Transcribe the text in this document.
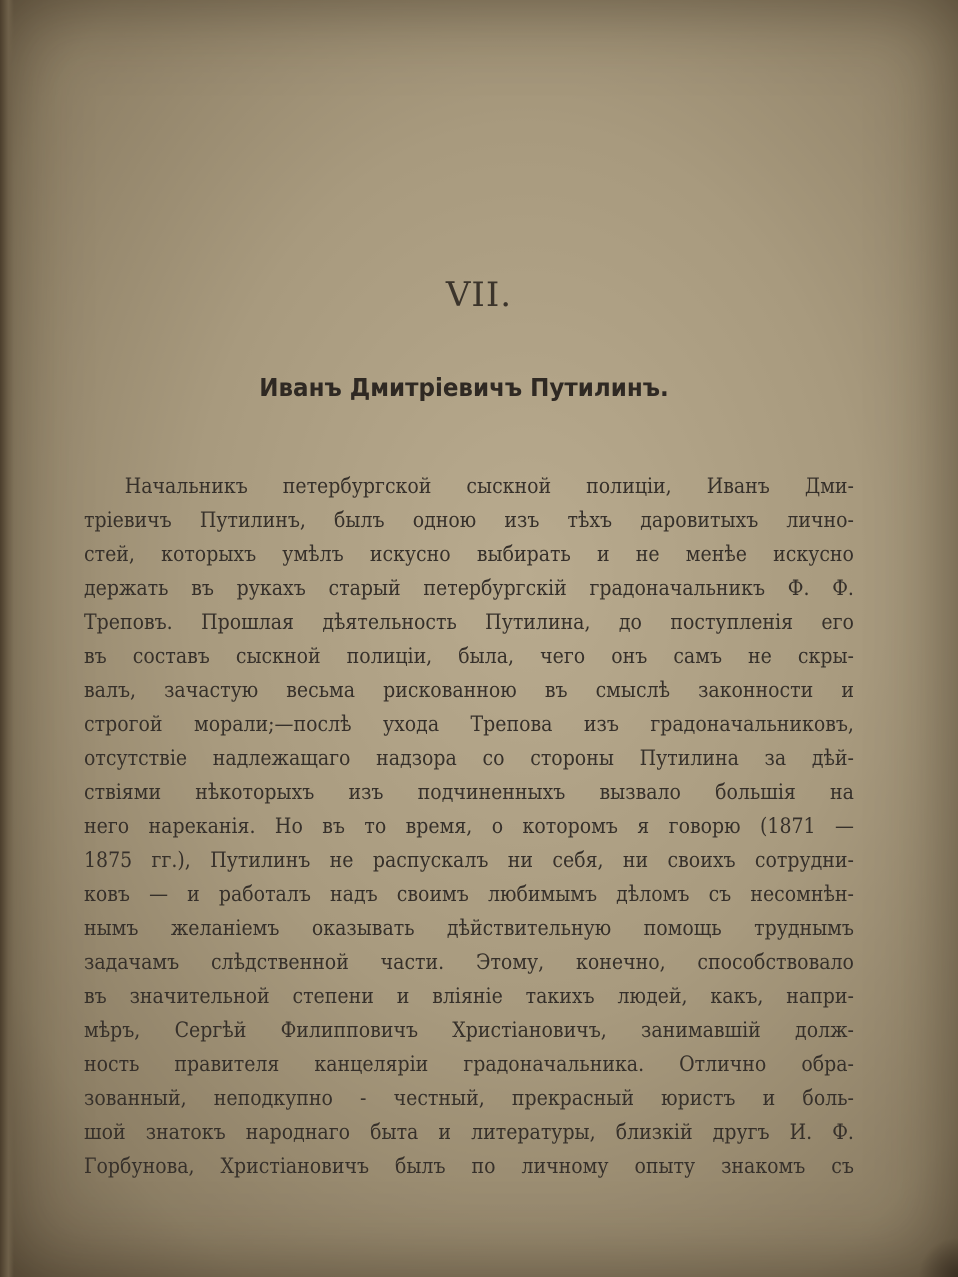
VII.
Иванъ Дмитріевичъ Путилинъ.
Начальникъ петербургской сыскной полиціи, Иванъ Дми-
тріевичъ Путилинъ, былъ одною изъ тѣхъ даровитыхъ лично-
стей, которыхъ умѣлъ искусно выбирать и не менѣе искусно
держать въ рукахъ старый петербургскій градоначальникъ Ф. Ф.
Треповъ. Прошлая дѣятельность Путилина, до поступленія его
въ составъ сыскной полиціи, была, чего онъ самъ не скры-
валъ, зачастую весьма рискованною въ смыслѣ законности и
строгой морали;—послѣ ухода Трепова изъ градоначальниковъ,
отсутствіе надлежащаго надзора со стороны Путилина за дѣй-
ствіями нѣкоторыхъ изъ подчиненныхъ вызвало большія на
него нареканія. Но въ то время, о которомъ я говорю (1871 —
1875 гг.), Путилинъ не распускалъ ни себя, ни своихъ сотрудни-
ковъ — и работалъ надъ своимъ любимымъ дѣломъ съ несомнѣн-
нымъ желаніемъ оказывать дѣйствительную помощь труднымъ
задачамъ слѣдственной части. Этому, конечно, способствовало
въ значительной степени и вліяніе такихъ людей, какъ, напри-
мѣръ, Сергѣй Филипповичъ Христіановичъ, занимавшій долж-
ность правителя канцеляріи градоначальника. Отлично обра-
зованный, неподкупно - честный, прекрасный юристъ и боль-
шой знатокъ народнаго быта и литературы, близкій другъ И. Ф.
Горбунова, Христіановичъ былъ по личному опыту знакомъ съ
